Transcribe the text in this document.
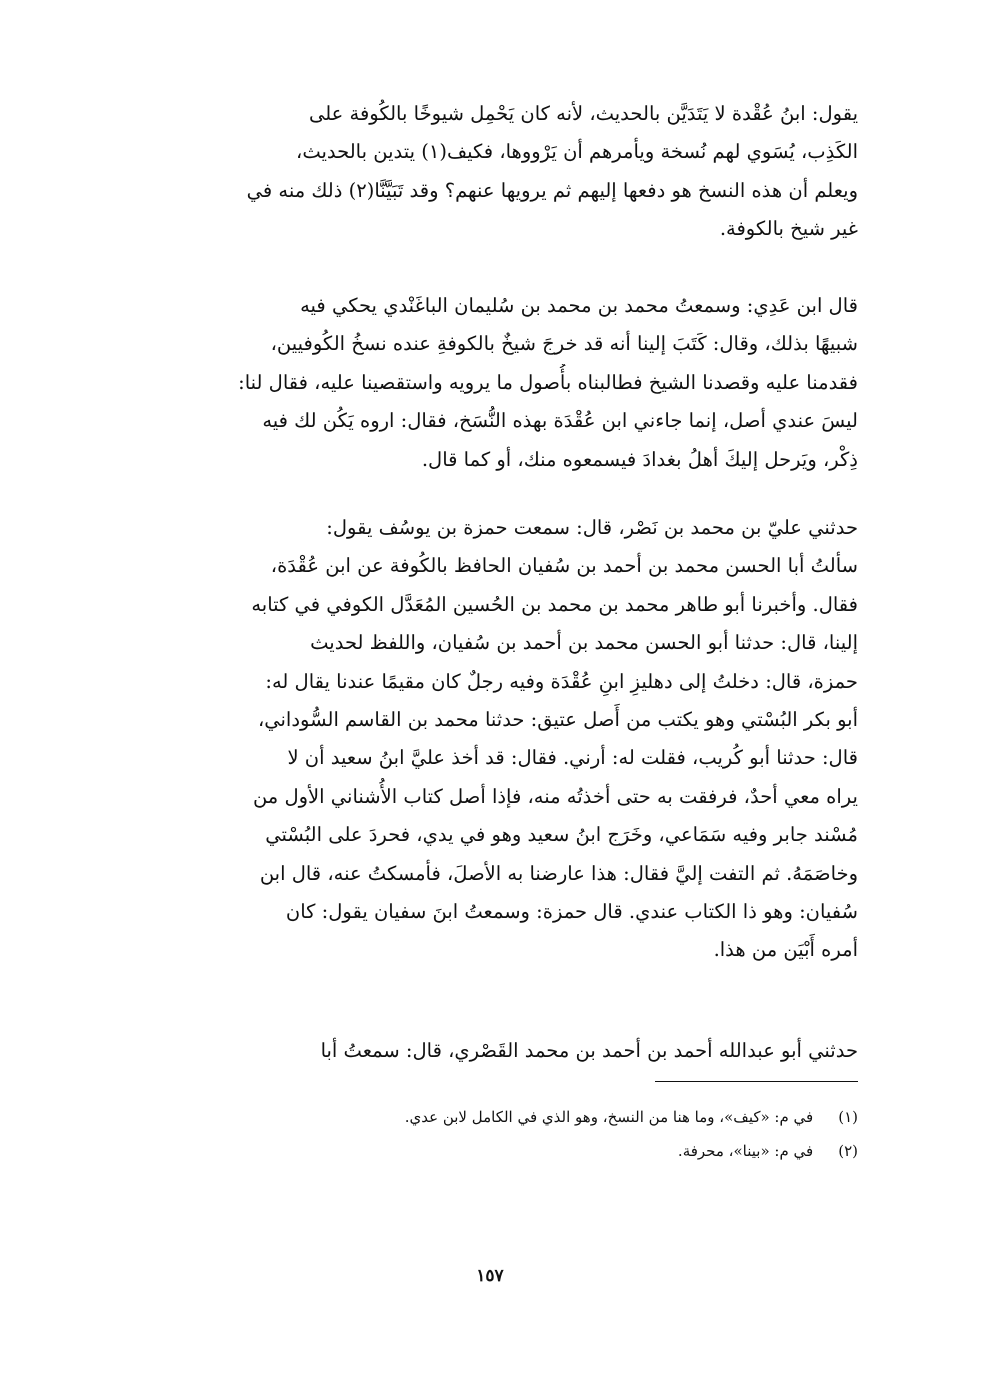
يقول: ابنُ عُقْدة لا يَتَدَيَّن بالحديث، لأنه كان يَحْمِل شيوخًا بالكُوفة على
الكَذِب، يُسَوي لهم نُسخة ويأمرهم أن يَرْووها، فكيف(١) يتدين بالحديث،
ويعلم أن هذه النسخ هو دفعها إليهم ثم يرويها عنهم؟ وقد تَبَيَّنَّا(٢) ذلك منه في
غير شيخ بالكوفة.
قال ابن عَدِي: وسمعتُ محمد بن محمد بن سُليمان الباغَنْدي يحكي فيه
شبيهًا بذلك، وقال: كَتَبَ إلينا أنه قد خرجَ شيخٌ بالكوفةِ عنده نسخُ الكُوفيين،
فقدمنا عليه وقصدنا الشيخ فطالبناه بأُصول ما يرويه واستقصينا عليه، فقال لنا:
ليسَ عندي أصل، إنما جاءني ابن عُقْدَة بهذه النُّسَخ، فقال: اروه يَكُن لك فيه
ذِكْر، ويَرحل إليكَ أهلُ بغدادَ فيسمعوه منك، أو كما قال.
حدثني عليّ بن محمد بن نَصْر، قال: سمعت حمزة بن يوسُف يقول:
سألتُ أبا الحسن محمد بن أحمد بن سُفيان الحافظ بالكُوفة عن ابن عُقْدَة،
فقال. وأخبرنا أبو طاهر محمد بن محمد بن الحُسين المُعَدَّل الكوفي في كتابه
إلينا، قال: حدثنا أبو الحسن محمد بن أحمد بن سُفيان، واللفظ لحديث
حمزة، قال: دخلتُ إلى دهليزِ ابنِ عُقْدَة وفيه رجلٌ كان مقيمًا عندنا يقال له:
أبو بكر البُسْتي وهو يكتب من أَصل عتيق: حدثنا محمد بن القاسم السُّوداني،
قال: حدثنا أبو كُريب، فقلت له: أرني. فقال: قد أخذ عليَّ ابنُ سعيد أن لا
يراه معي أحدٌ، فرفقت به حتى أخذتُه منه، فإذا أصل كتاب الأُشناني الأول من
مُسْند جابر وفيه سَمَاعي، وخَرَج ابنُ سعيد وهو في يدي، فحردَ على البُسْتي
وخاصَمَهُ. ثم التفت إليَّ فقال: هذا عارضنا به الأصلَ، فأمسكتُ عنه، قال ابن
سُفيان: وهو ذا الكتاب عندي. قال حمزة: وسمعتُ ابنَ سفيان يقول: كان
أمره أَبْيَن من هذا.
حدثني أبو عبدالله أحمد بن أحمد بن محمد القَصْري، قال: سمعتُ أبا
(١) في م: «كيف»، وما هنا من النسخ، وهو الذي في الكامل لابن عدي.
(٢) في م: «بينا»، محرفة.
١٥٧
